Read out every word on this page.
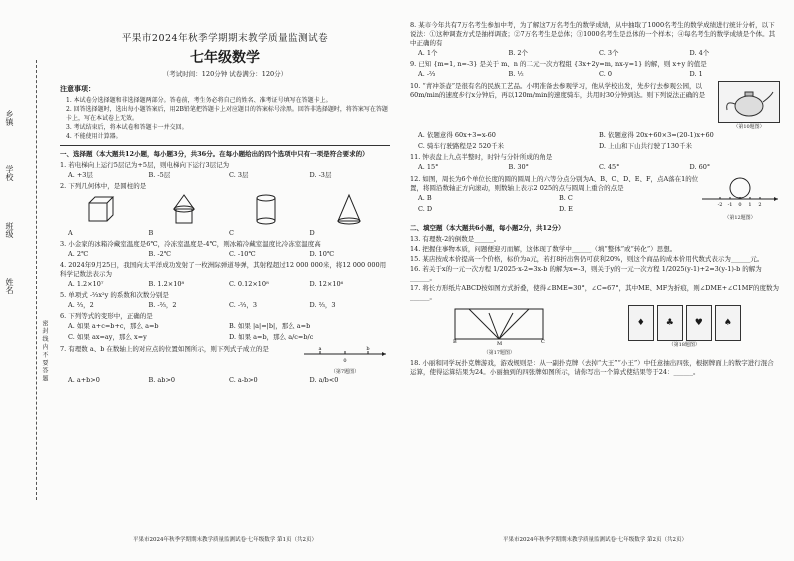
乡镇
学校
班级
姓名
密 封 线 内 不 要 答 题
平果市2024年秋季学期期末教学质量监测试卷
七年级数学
（考试时间：120分钟 试卷满分：120分）
注意事项：
1. 本试卷分选择题和非选择题两部分。答卷前，考生务必将自己的姓名、准考证号填写在答题卡上。
2. 回答选择题时，选出每小题答案后，用2B铅笔把答题卡上对应题目的答案标号涂黑。回答非选择题时，将答案写在答题卡上，写在本试卷上无效。
3. 考试结束后，将本试卷和答题卡一并交回。
4. 不能使用计算器。
一、选择题（本大题共12小题，每小题3分，共36分。在每小题给出的四个选项中只有一项是符合要求的）
1. 若电梯向上运行5层记为+5层，则电梯向下运行3层记为
A. +3层	B. -5层	C. 3层	D. -3层
2. 下列几何体中，是圆柱的是
A	B	C	D
3. 小金家的冰箱冷藏室温度是6℃，冷冻室温度是-4℃，则冰箱冷藏室温度比冷冻室温度高
A. 2℃	B. -2℃	C. -10℃	D. 10℃
4. 2024年9月25日，我国向太平洋成功发射了一枚洲际弹道导弹，其射程超过12 000 000米，将12 000 000用科学记数法表示为
A. 1.2×10⁷	B. 1.2×10⁸	C. 0.12×10⁸	D. 12×10⁶
5. 单项式 -⅔x²y 的系数和次数分别是
A. ⅔，2	B. -⅔，2	C. -⅔，3	D. ⅔，3
6. 下列等式的变形中，正确的是
A. 如果 a+c=b+c，那么 a=b	B. 如果 |a|=|b|，那么 a=b
C. 如果 ax=ay，那么 x=y	D. 如果 a=b，那么 a/c=b/c
7. 有理数 a、b 在数轴上的对应点的位置如图所示，则下列式子成立的是	a
0
b
（第7题图）
A. a+b>0	B. ab>0	C. a-b>0	D. a/b<0
平果市2024年秋季学期期末教学质量监测试卷·七年级数学 第1页（共2页）
8. 某市今年共有7万名考生参加中考，为了解这7万名考生的数学成绩，从中抽取了1000名考生的数学成绩进行统计分析，以下说法：①这种调查方式是抽样调查；②7万名考生是总体；③1000名考生是总体的一个样本；④每名考生的数学成绩是个体。其中正确的有
A. 1个	B. 2个	C. 3个	D. 4个
9. 已知 {m=1, n=-3} 是关于 m、n 的二元一次方程组 {3x+2y=m, nx-y=1} 的解，则 x+y 的值是
A. -⅔	B. ½	C. 0	D. 1
10. “青冲茶壶”是很有名的民族工艺品。小明准备去参观学习，他从学校出发，先步行去参观公园，以60m/min的速度步行x分钟后，再以120m/min的速度骑车，共用时30分钟到达。则下列说法正确的是
（第10题图）
A. 依题意得 60x+3=x-60	B. 依题意得 20x+60×3=(20-1)x+60
C. 骑车行驶路程是2 520千米	D. 上山和下山共行驶了130千米
11. 钟表盘上九点半整时，时针与分针所成的角是
A. 15°	B. 30°	C. 45°	D. 60°
12. 如图，周长为6个单位长度的圆的圆周上的六等分点分别为A、B、C、D、E、F，点A落在1的位置，将圆沿数轴正方向滚动，则数轴上表示2 025的点与圆周上重合的点是
A. B	B. C
C. D	D. E	-2 -1 0 1 2
（第12题图）
二、填空题（本大题共6小题，每小题2分，共12分）
13. 有理数-2的倒数是______。
14. 把握住事物本质，问题便迎刃而解，这体现了数学中______（填“整体”或“转化”）思想。
15. 某店按成本价提高一个价格，标价为a元，若打8折出售仍可获利20%，则这个商品的成本价用代数式表示为______元。
16. 若关于x的一元一次方程 1/2025·x-2=3x-b 的解为x=-3，则关于y的一元一次方程 1/2025(y-1)+2=3(y-1)-b 的解为______。
17. 将长方形纸片ABCD按如图方式折叠，使得∠BME=30°，∠C=67°，其中ME、MF为折痕，则∠DME+∠C1MF的度数为______。
B	M	C
（第17题图）
♦	♣	♥	♠
（第18题图）
18. 小丽和同学玩扑克牌游戏，游戏规则是：从一副扑克牌（去掉“大王”“小王”）中任意抽出四张，根据牌面上的数字进行混合运算，使得运算结果为24。小丽抽到的四张牌如图所示，请你写出一个算式使结果等于24：______。
平果市2024年秋季学期期末教学质量监测试卷·七年级数学 第2页（共2页）
